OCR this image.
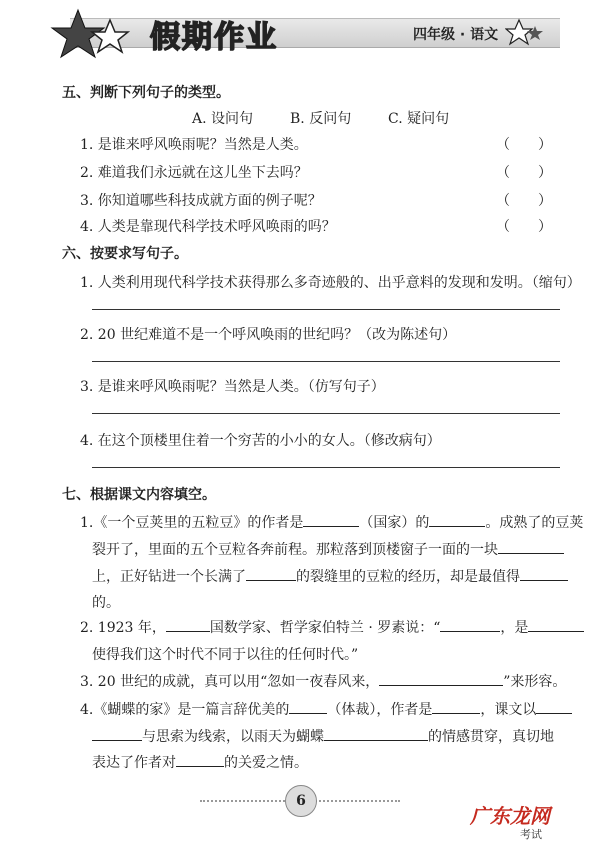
假期作业	四年级 · 语文
五、判断下列句子的类型。
A. 设问句	B. 反问句	C. 疑问句
1. 是谁来呼风唤雨呢？当然是人类。	（　　）
2. 难道我们永远就在这儿坐下去吗？	（　　）
3. 你知道哪些科技成就方面的例子呢？	（　　）
4. 人类是靠现代科学技术呼风唤雨的吗？	（　　）
六、按要求写句子。
1. 人类利用现代科学技术获得那么多奇迹般的、出乎意料的发现和发明。（缩句）
2. 20 世纪难道不是一个呼风唤雨的世纪吗？（改为陈述句）
3. 是谁来呼风唤雨呢？当然是人类。（仿写句子）
4. 在这个顶楼里住着一个穷苦的小小的女人。（修改病句）
七、根据课文内容填空。
1.《一个豆荚里的五粒豆》的作者是	（国家）的	。成熟了的豆荚
裂开了，里面的五个豆粒各奔前程。那粒落到顶楼窗子一面的一块
上，正好钻进一个长满了	的裂缝里的豆粒的经历，却是最值得
的。
2. 1923 年，	国数学家、哲学家伯特兰 · 罗素说：“	，是
使得我们这个时代不同于以往的任何时代。”
3. 20 世纪的成就，真可以用“忽如一夜春风来，	”来形容。
4.《蝴蝶的家》是一篇言辞优美的	（体裁），作者是	，课文以
与思索为线索，以雨天为蝴蝶	的情感贯穿，真切地
表达了作者对	的关爱之情。
6
广东龙网
考试
